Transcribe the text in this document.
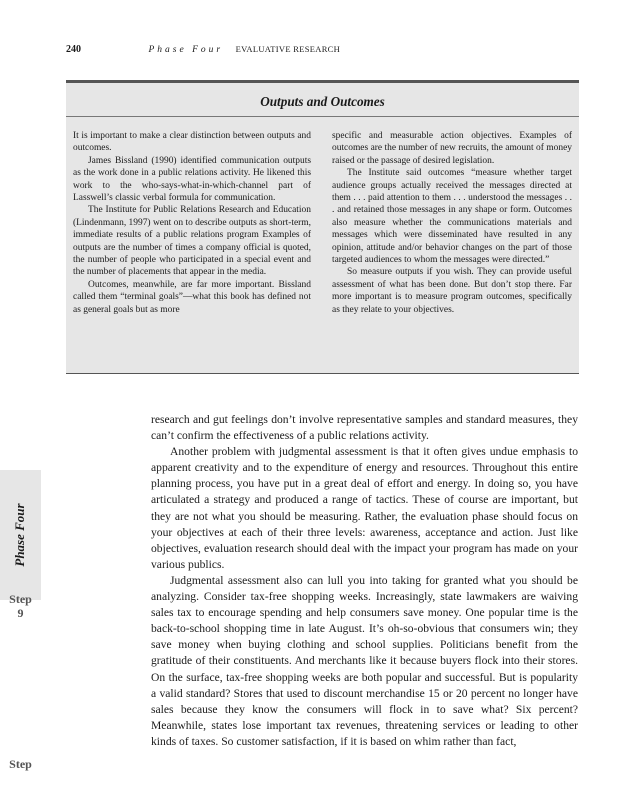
240	Phase Four EVALUATIVE RESEARCH
Outputs and Outcomes

It is important to make a clear distinction between outputs and outcomes.

James Bissland (1990) identified communication outputs as the work done in a public relations activity. He likened this work to the who-says-what-in-which-channel part of Lasswell’s classic verbal formula for communication.

The Institute for Public Relations Research and Education (Lindenmann, 1997) went on to describe outputs as short-term, immediate results of a public relations program Examples of outputs are the number of times a company official is quoted, the number of people who participated in a special event and the number of placements that appear in the media.

Outcomes, meanwhile, are far more important. Bissland called them “terminal goals”—what this book has defined not as general goals but as more

specific and measurable action objectives. Examples of outcomes are the number of new recruits, the amount of money raised or the passage of desired legislation.

The Institute said outcomes “measure whether target audience groups actually received the messages directed at them . . . paid attention to them . . . understood the messages . . . and retained those messages in any shape or form. Outcomes also measure whether the communications materials and messages which were disseminated have resulted in any opinion, attitude and/or behavior changes on the part of those targeted audiences to whom the messages were directed.”

So measure outputs if you wish. They can provide useful assessment of what has been done. But don’t stop there. Far more important is to measure program outcomes, specifically as they relate to your objectives.

Phase Four
Step
9
Step

research and gut feelings don’t involve representative samples and standard measures, they can’t confirm the effectiveness of a public relations activity.

Another problem with judgmental assessment is that it often gives undue emphasis to apparent creativity and to the expenditure of energy and resources. Throughout this entire planning process, you have put in a great deal of effort and energy. In doing so, you have articulated a strategy and produced a range of tactics. These of course are important, but they are not what you should be measuring. Rather, the evaluation phase should focus on your objectives at each of their three levels: awareness, acceptance and action. Just like objectives, evaluation research should deal with the impact your program has made on your various publics.

Judgmental assessment also can lull you into taking for granted what you should be analyzing. Consider tax-free shopping weeks. Increasingly, state lawmakers are waiving sales tax to encourage spending and help consumers save money. One popular time is the back-to-school shopping time in late August. It’s oh-so-obvious that consumers win; they save money when buying clothing and school supplies. Politicians benefit from the gratitude of their constituents. And merchants like it because buyers flock into their stores. On the surface, tax-free shopping weeks are both popular and successful. But is popularity a valid standard? Stores that used to discount merchandise 15 or 20 percent no longer have sales because they know the consumers will flock in to save what? Six percent? Meanwhile, states lose important tax revenues, threatening services or leading to other kinds of taxes. So customer satisfaction, if it is based on whim rather than fact,
